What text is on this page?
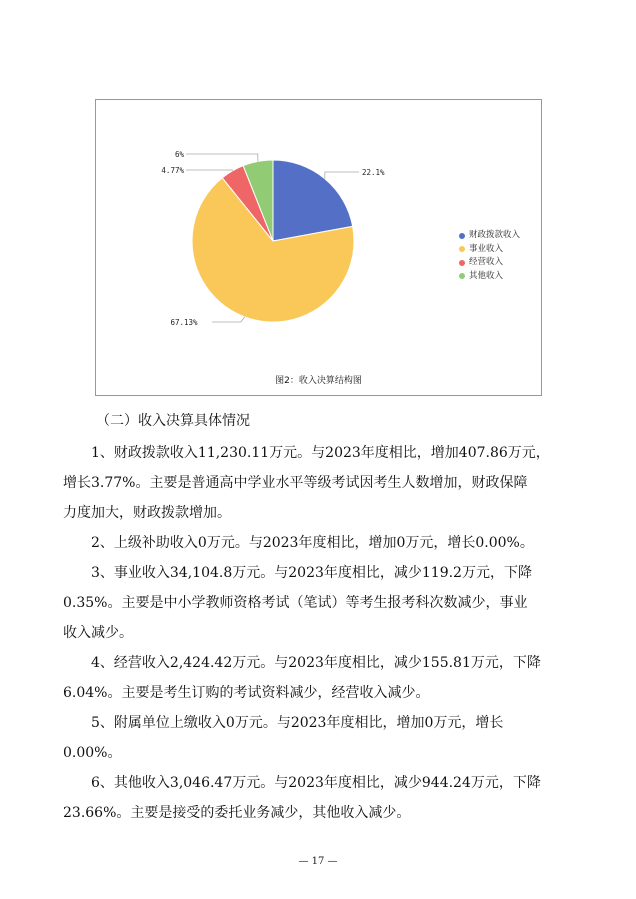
22.1%
67.13%
4.77%
6%
财政拨款收入
事业收入
经营收入
其他收入
图2：收入决算结构图
（二）收入决算具体情况
1、财政拨款收入11,230.11万元。与2023年度相比，增加407.86万元，
增长3.77%。主要是普通高中学业水平等级考试因考生人数增加，财政保障
力度加大，财政拨款增加。
2、上级补助收入0万元。与2023年度相比，增加0万元，增长0.00%。
3、事业收入34,104.8万元。与2023年度相比，减少119.2万元，下降
0.35%。主要是中小学教师资格考试（笔试）等考生报考科次数减少，事业
收入减少。
4、经营收入2,424.42万元。与2023年度相比，减少155.81万元，下降
6.04%。主要是考生订购的考试资料减少，经营收入减少。
5、附属单位上缴收入0万元。与2023年度相比，增加0万元，增长
0.00%。
6、其他收入3,046.47万元。与2023年度相比，减少944.24万元，下降
23.66%。主要是接受的委托业务减少，其他收入减少。
— 17 —
